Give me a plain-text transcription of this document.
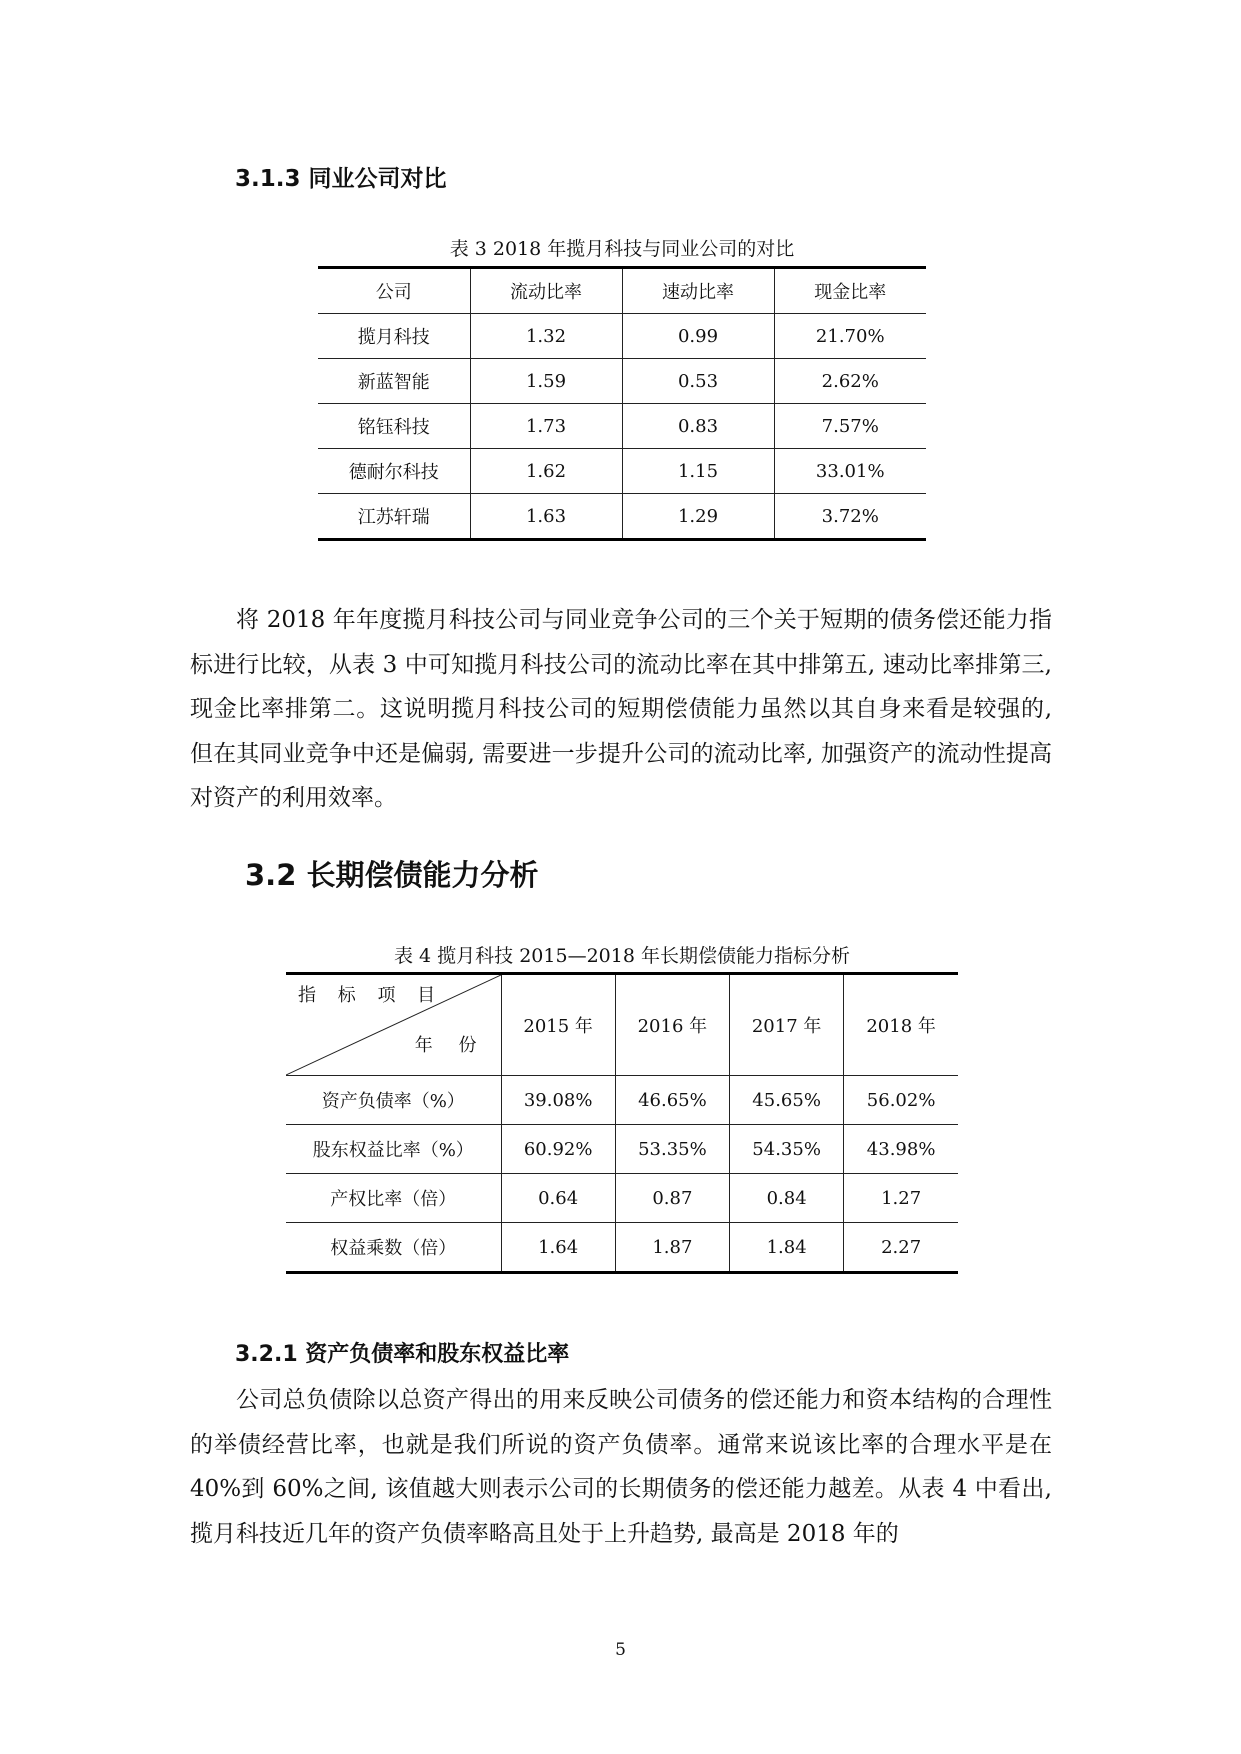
3.1.3 同业公司对比
表 3 2018 年揽月科技与同业公司的对比
公司	流动比率	速动比率	现金比率
揽月科技	1.32	0.99	21.70%
新蓝智能	1.59	0.53	2.62%
铭钰科技	1.73	0.83	7.57%
德耐尔科技	1.62	1.15	33.01%
江苏轩瑞	1.63	1.29	3.72%

将 2018 年年度揽月科技公司与同业竞争公司的三个关于短期的债务偿还能力指标进行比较，从表 3 中可知揽月科技公司的流动比率在其中排第五, 速动比率排第三, 现金比率排第二。这说明揽月科技公司的短期偿债能力虽然以其自身来看是较强的, 但在其同业竞争中还是偏弱, 需要进一步提升公司的流动比率, 加强资产的流动性提高对资产的利用效率。

3.2 长期偿债能力分析
表 4 揽月科技 2015—2018 年长期偿债能力指标分析
指 标 项 目
年 份	2015 年	2016 年	2017 年	2018 年
资产负债率（%）	39.08%	46.65%	45.65%	56.02%
股东权益比率（%）	60.92%	53.35%	54.35%	43.98%
产权比率（倍）	0.64	0.87	0.84	1.27
权益乘数（倍）	1.64	1.87	1.84	2.27
3.2.1 资产负债率和股东权益比率

公司总负债除以总资产得出的用来反映公司债务的偿还能力和资本结构的合理性的举债经营比率，也就是我们所说的资产负债率。通常来说该比率的合理水平是在 40%到 60%之间, 该值越大则表示公司的长期债务的偿还能力越差。从表 4 中看出, 揽月科技近几年的资产负债率略高且处于上升趋势, 最高是 2018 年的

5
